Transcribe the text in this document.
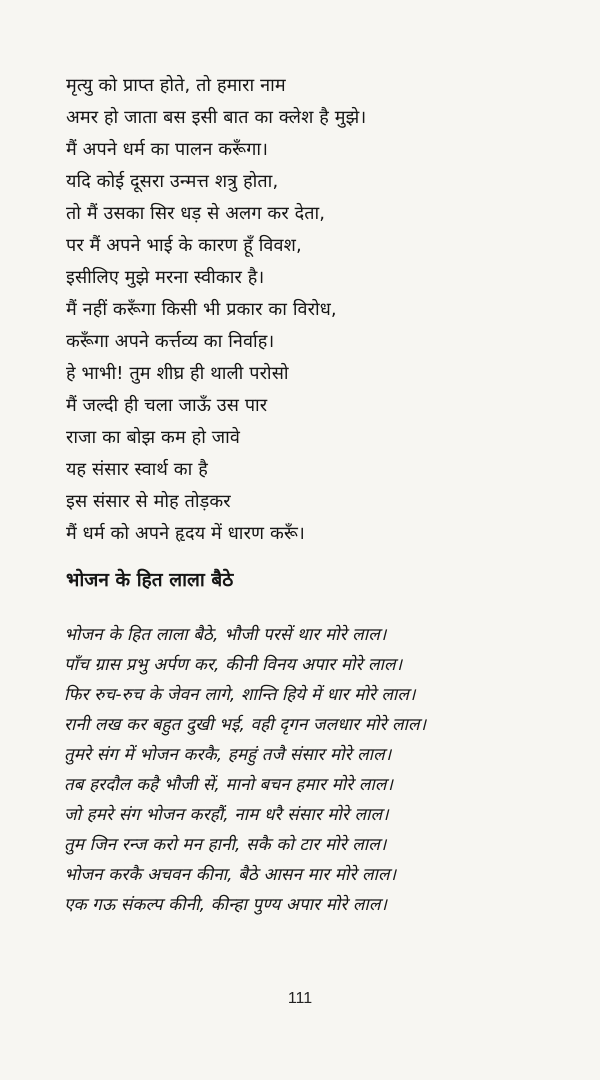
मृत्यु को प्राप्त होते, तो हमारा नाम
अमर हो जाता बस इसी बात का क्लेश है मुझे।
मैं अपने धर्म का पालन करूँगा।
यदि कोई दूसरा उन्मत्त शत्रु होता,
तो मैं उसका सिर धड़ से अलग कर देता,
पर मैं अपने भाई के कारण हूँ विवश,
इसीलिए मुझे मरना स्वीकार है।
मैं नहीं करूँगा किसी भी प्रकार का विरोध,
करूँगा अपने कर्त्तव्य का निर्वाह।
हे भाभी! तुम शीघ्र ही थाली परोसो
मैं जल्दी ही चला जाऊँ उस पार
राजा का बोझ कम हो जावे
यह संसार स्वार्थ का है
इस संसार से मोह तोड़कर
मैं धर्म को अपने हृदय में धारण करूँ।
भोजन के हित लाला बैठे
भोजन के हित लाला बैठे, भौजी परसें थार मोरे लाल।
पाँच ग्रास प्रभु अर्पण कर, कीनी विनय अपार मोरे लाल।
फिर रुच-रुच के जेवन लागे, शान्ति हिये में धार मोरे लाल।
रानी लख कर बहुत दुखी भई, वही दृगन जलधार मोरे लाल।
तुमरे संग में भोजन करकै, हमहुं तजै संसार मोरे लाल।
तब हरदौल कहै भौजी सें, मानो बचन हमार मोरे लाल।
जो हमरे संग भोजन करहौं, नाम धरै संसार मोरे लाल।
तुम जिन रन्ज करो मन हानी, सकै को टार मोरे लाल।
भोजन करकै अचवन कीना, बैठे आसन मार मोरे लाल।
एक गऊ संकल्प कीनी, कीन्हा पुण्य अपार मोरे लाल।
111
